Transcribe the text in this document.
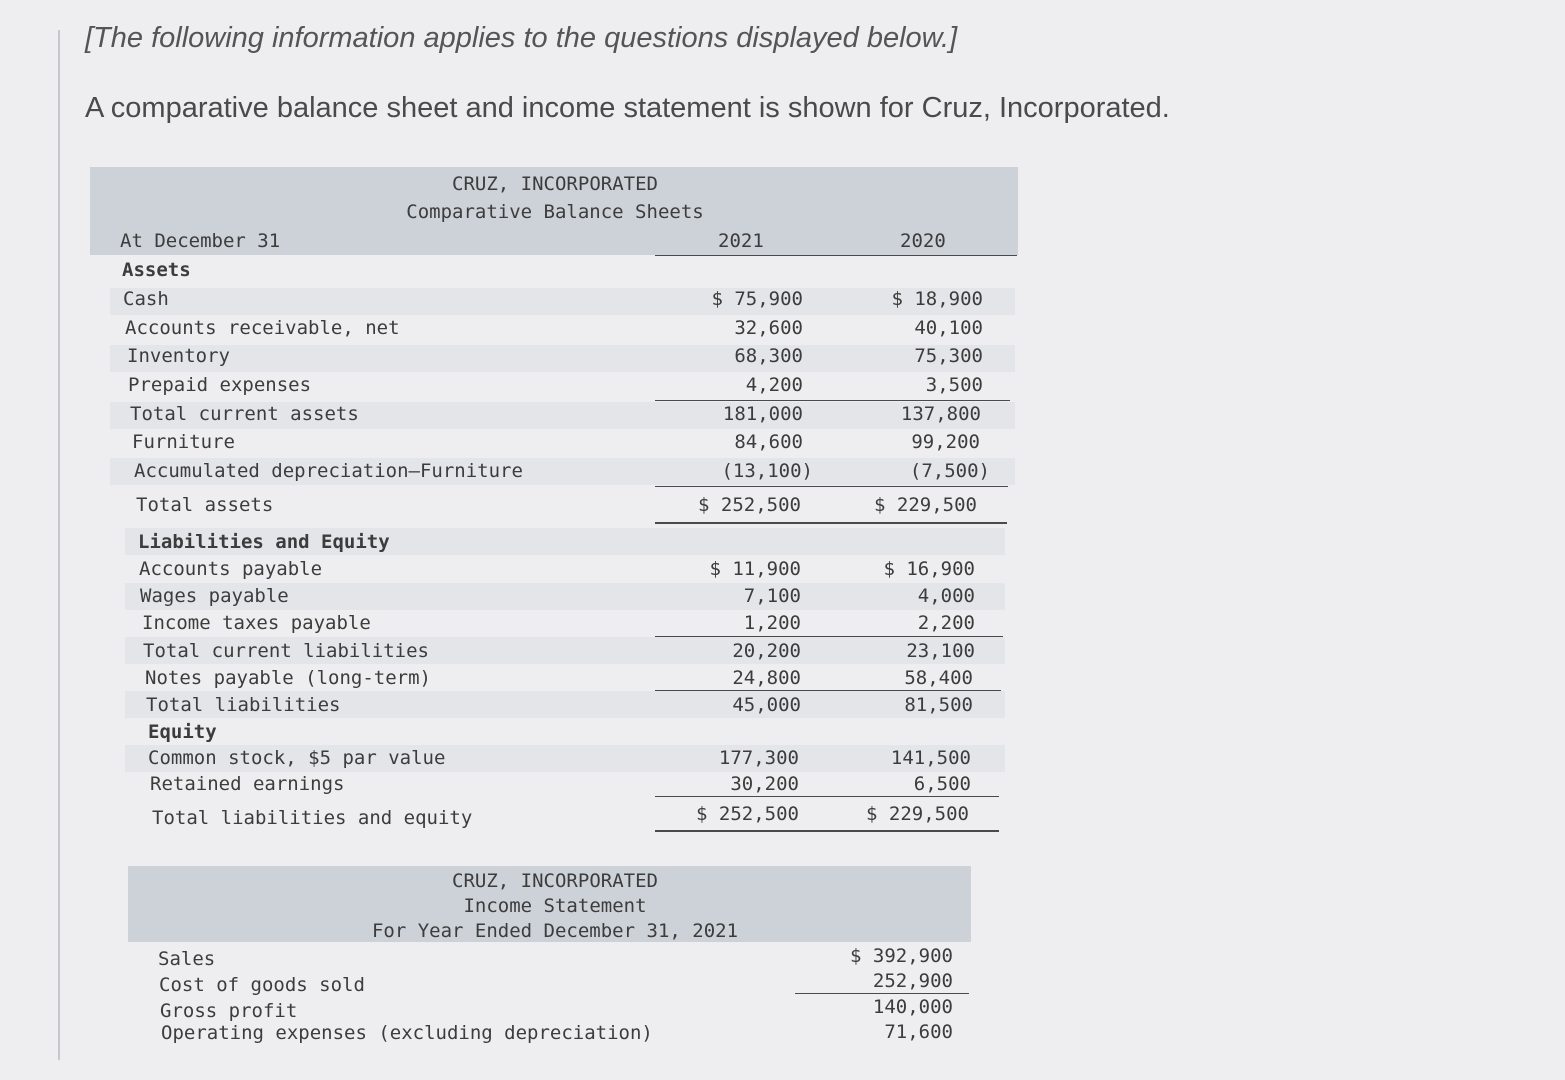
[The following information applies to the questions displayed below.]
A comparative balance sheet and income statement is shown for Cruz, Incorporated.
CRUZ, INCORPORATED
Comparative Balance Sheets
At December 31	2021	2020
Assets
Cash	$ 75,900	$ 18,900
Accounts receivable, net	32,600	40,100
Inventory	68,300	75,300
Prepaid expenses	4,200	3,500
Total current assets	181,000	137,800
Furniture	84,600	99,200
Accumulated depreciation—Furniture	(13,100)	(7,500)
Total assets	$ 252,500	$ 229,500
Liabilities and Equity
Accounts payable	$ 11,900	$ 16,900
Wages payable	7,100	4,000
Income taxes payable	1,200	2,200
Total current liabilities	20,200	23,100
Notes payable (long-term)	24,800	58,400
Total liabilities	45,000	81,500
Equity
Common stock, $5 par value	177,300	141,500
Retained earnings	30,200	6,500
Total liabilities and equity	$ 252,500	$ 229,500
CRUZ, INCORPORATED
Income Statement
For Year Ended December 31, 2021
Sales	$ 392,900
Cost of goods sold	252,900
Gross profit	140,000
Operating expenses (excluding depreciation)	71,600
